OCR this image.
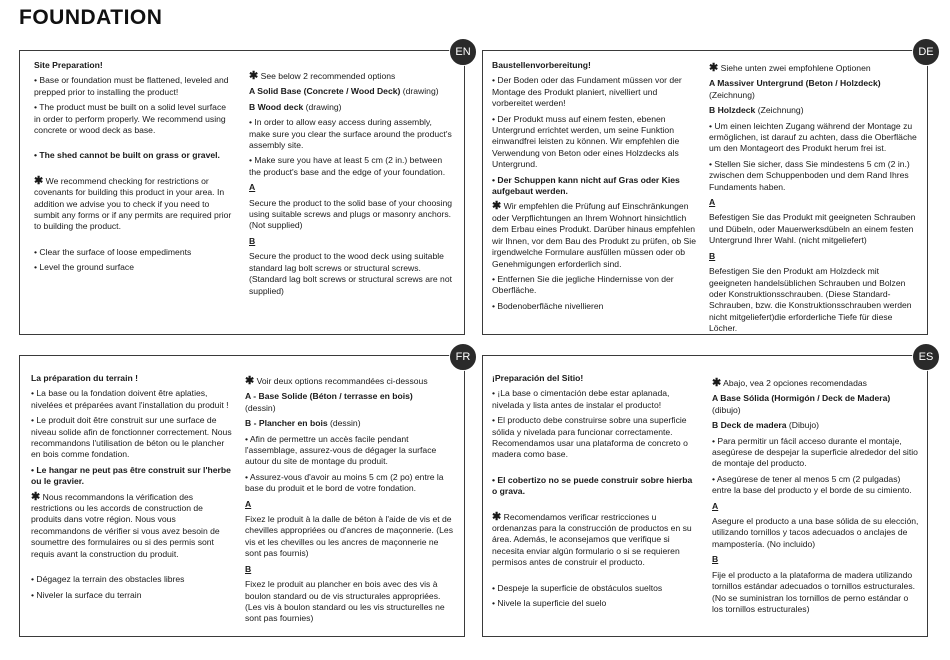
FOUNDATION
EN

Site Preparation!

• Base or foundation must be flattened, leveled and prepped prior to installing the product!

• The product must be built on a solid level surface in order to perform properly. We recommend using concrete or wood deck as base.

• The shed cannot be built on grass or gravel.

✱ We recommend checking for restrictions or covenants for building this product in your area. In addition we advise you to check if you need to sumbit any forms or if any permits are required prior to building the product.

• Clear the surface of loose empediments
• Level the ground surface

✱ See below 2 recommended options

A Solid Base (Concrete / Wood Deck) (drawing)

B Wood deck (drawing)

• In order to allow easy access during assembly, make sure you clear the surface around the product's assembly site.

• Make sure you have at least 5 cm (2 in.) between the product's base and the edge of your foundation.

A

Secure the product to the solid base of your choosing using suitable screws and plugs or masonry anchors. (Not supplied)

B

Secure the product to the wood deck using suitable standard lag bolt screws or structural screws. (Standard lag bolt screws or structural screws are not supplied)

DE

Baustellenvorbereitung!

• Der Boden oder das Fundament müssen vor der Montage des Produkt planiert, nivelliert und vorbereitet werden!

• Der Produkt muss auf einem festen, ebenen Untergrund errichtet werden, um seine Funktion einwandfrei leisten zu können. Wir empfehlen die Verwendung von Beton oder eines Holzdecks als Untergrund.

• Der Schuppen kann nicht auf Gras oder Kies aufgebaut werden.

✱ Wir empfehlen die Prüfung auf Einschränkungen oder Verpflichtungen an Ihrem Wohnort hinsichtlich dem Erbau eines Produkt. Darüber hinaus empfehlen wir Ihnen, vor dem Bau des Produkt zu prüfen, ob Sie irgendwelche Formulare ausfüllen müssen oder ob Genehmigungen erforderlich sind.

• Entfernen Sie die jegliche Hindernisse von der Oberfläche.

• Bodenoberfläche nivellieren

✱ Siehe unten zwei empfohlene Optionen

A Massiver Untergrund (Beton / Holzdeck)
(Zeichnung)

B Holzdeck (Zeichnung)

• Um einen leichten Zugang während der Montage zu ermöglichen, ist darauf zu achten, dass die Oberfläche um den Montageort des Produkt herum frei ist.

• Stellen Sie sicher, dass Sie mindestens 5 cm (2 in.) zwischen dem Schuppenboden und dem Rand Ihres Fundaments haben.

A

Befestigen Sie das Produkt mit geeigneten Schrauben und Dübeln, oder Mauerwerksdübeln an einem festen Untergrund Ihrer Wahl. (nicht mitgeliefert)

B

Befestigen Sie den Produkt am Holzdeck mit geeigneten handelsüblichen Schrauben und Bolzen oder Konstruktionsschrauben. (Diese Standard-Schrauben, bzw. die Konstruktionsschrauben werden nicht mitgeliefert)die erforderliche Tiefe für diese Löcher.

FR

La préparation du terrain !

• La base ou la fondation doivent être aplaties, nivelées et préparées avant l'installation du produit !

• Le produit doit être construit sur une surface de niveau solide afin de fonctionner correctement. Nous recommandons l'utilisation de béton ou le plancher en bois comme fondation.

• Le hangar ne peut pas être construit sur l'herbe ou le gravier.

✱ Nous recommandons la vérification des restrictions ou les accords de construction de produits dans votre région. Nous vous recommandons de vérifier si vous avez besoin de soumettre des formulaires ou si des permis sont requis avant la construction du produit.

• Dégagez la terrain des obstacles libres
• Niveler la surface du terrain

✱ Voir deux options recommandées ci-dessous

A - Base Solide (Béton / terrasse en bois)
(dessin)

B - Plancher en bois (dessin)

• Afin de permettre un accès facile pendant l'assemblage, assurez-vous de dégager la surface autour du site de montage du produit.

• Assurez-vous d'avoir au moins 5 cm (2 po) entre la base du produit et le bord de votre fondation.

A

Fixez le produit à la dalle de béton à l'aide de vis et de chevilles appropriées ou d'ancres de maçonnerie. (Les vis et les chevilles ou les ancres de maçonnerie ne sont pas fournis)

B

Fixez le produit au plancher en bois avec des vis à boulon standard ou de vis structurales appropriées. (Les vis à boulon standard ou les vis structurelles ne sont pas fournies)

ES

¡Preparación del Sitio!

• ¡La base o cimentación debe estar aplanada, nivelada y lista antes de instalar el producto!

• El producto debe construirse sobre una superficie sólida y nivelada para funcionar correctamente. Recomendamos usar una plataforma de concreto o madera como base.

• El cobertizo no se puede construir sobre hierba o grava.

✱ Recomendamos verificar restricciones u ordenanzas para la construcción de productos en su área. Además, le aconsejamos que verifique si necesita enviar algún formulario o si se requieren permisos antes de construir el producto.

• Despeje la superficie de obstáculos sueltos
• Nivele la superficie del suelo

✱ Abajo, vea 2 opciones recomendadas

A Base Sólida (Hormigón / Deck de Madera)
(dibujo)

B Deck de madera (Dibujo)

• Para permitir un fácil acceso durante el montaje, asegúrese de despejar la superficie alrededor del sitio de montaje del producto.

• Asegúrese de tener al menos 5 cm (2 pulgadas) entre la base del producto y el borde de su cimiento.

A

Asegure el producto a una base sólida de su elección, utilizando tornillos y tacos adecuados o anclajes de mampostería. (No incluido)

B

Fije el producto a la plataforma de madera utilizando tornillos estándar adecuados o tornillos estructurales. (No se suministran los tornillos de perno estándar o los tornillos estructurales)
